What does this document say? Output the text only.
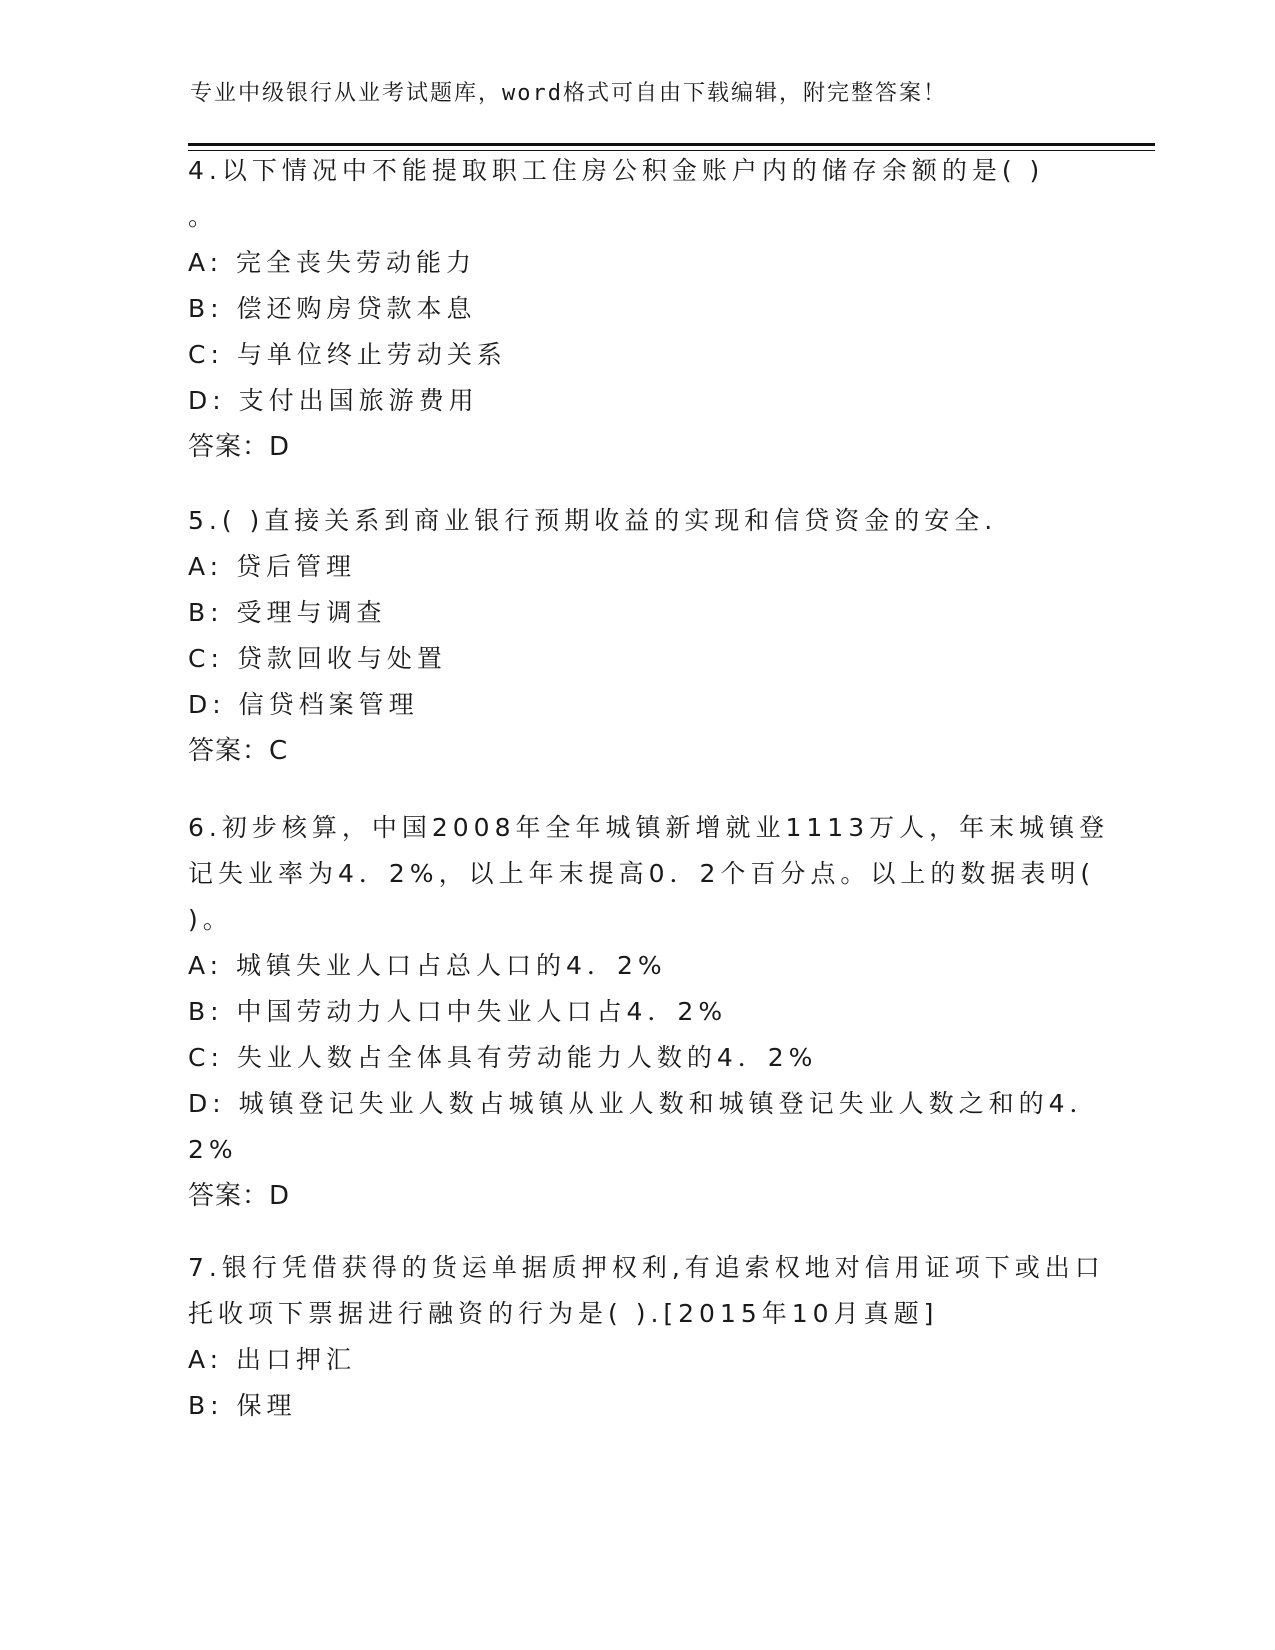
专业中级银行从业考试题库，word格式可自由下载编辑，附完整答案！
4.以下情况中不能提取职工住房公积金账户内的储存余额的是( )
。
A: 完全丧失劳动能力
B: 偿还购房贷款本息
C: 与单位终止劳动关系
D: 支付出国旅游费用
答案：D
5.( )直接关系到商业银行预期收益的实现和信贷资金的安全.
A: 贷后管理
B: 受理与调查
C: 贷款回收与处置
D: 信贷档案管理
答案：C
6.初步核算，中国2008年全年城镇新增就业1113万人，年末城镇登
记失业率为4．2%，以上年末提高0．2个百分点。以上的数据表明(
)。
A: 城镇失业人口占总人口的4．2%
B: 中国劳动力人口中失业人口占4．2%
C: 失业人数占全体具有劳动能力人数的4．2%
D: 城镇登记失业人数占城镇从业人数和城镇登记失业人数之和的4．
2%
答案：D
7.银行凭借获得的货运单据质押权利,有追索权地对信用证项下或出口
托收项下票据进行融资的行为是( ).[2015年10月真题]
A: 出口押汇
B: 保理
